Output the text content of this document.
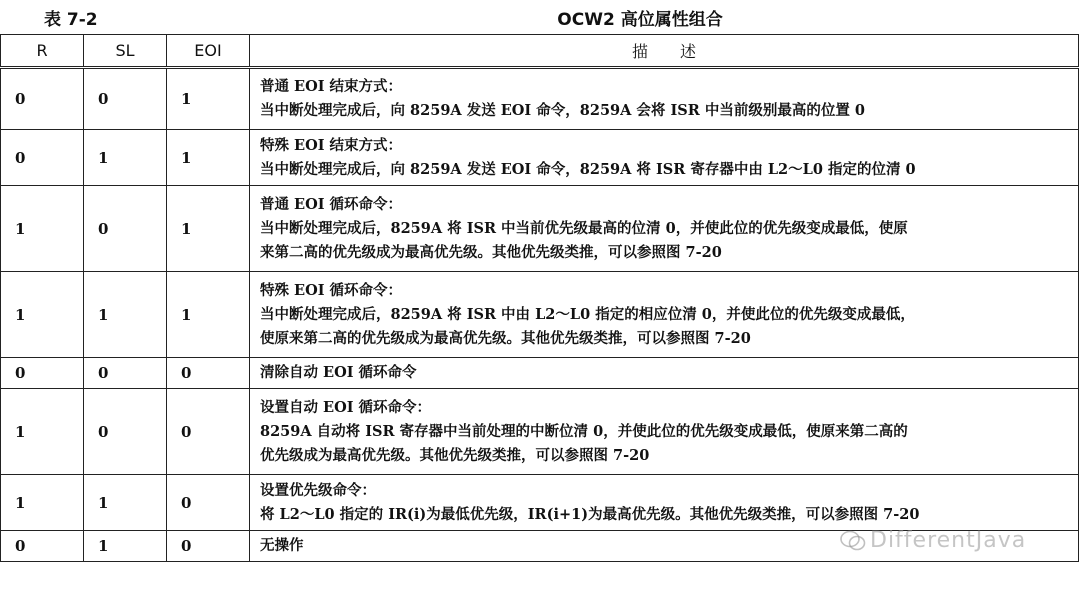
表 7-2	OCW2 高位属性组合
R	SL	EOI	描　　述
0	0	1	普通 EOI 结束方式：
当中断处理完成后，向 8259A 发送 EOI 命令，8259A 会将 ISR 中当前级别最高的位置 0

0	1	1	特殊 EOI 结束方式：
当中断处理完成后，向 8259A 发送 EOI 命令，8259A 将 ISR 寄存器中由 L2～L0 指定的位清 0

1	0	1	普通 EOI 循环命令：
当中断处理完成后，8259A 将 ISR 中当前优先级最高的位清 0，并使此位的优先级变成最低，使原
来第二高的优先级成为最高优先级。其他优先级类推，可以参照图 7-20

1	1	1	特殊 EOI 循环命令：
当中断处理完成后，8259A 将 ISR 中由 L2～L0 指定的相应位清 0，并使此位的优先级变成最低，
使原来第二高的优先级成为最高优先级。其他优先级类推，可以参照图 7-20

0	0	0	清除自动 EOI 循环命令

1	0	0	设置自动 EOI 循环命令：
8259A 自动将 ISR 寄存器中当前处理的中断位清 0，并使此位的优先级变成最低，使原来第二高的
优先级成为最高优先级。其他优先级类推，可以参照图 7-20

1	1	0	设置优先级命令：
将 L2～L0 指定的 IR(i)为最低优先级，IR(i+1)为最高优先级。其他优先级类推，可以参照图 7-20

0	1	0	无操作	DifferentJava
